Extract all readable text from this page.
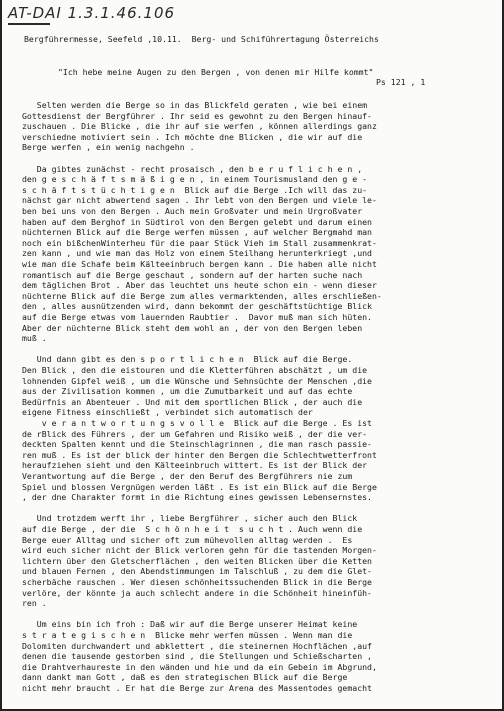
AT-DAI 1.3.1.46.106
Bergführermesse, Seefeld ,10.11.  Berg- und Schiführertagung Österreichs
"Ich hebe meine Augen zu den Bergen , von denen mir Hilfe kommt"
Ps 121 , 1
Selten werden die Berge so in das Blickfeld geraten , wie bei einem
Gottesdienst der Bergführer . Ihr seid es gewohnt zu den Bergen hinauf-
zuschauen . Die Blicke , die ihr auf sie werfen , können allerdings ganz
verschiedne motiviert sein . Ich möchte dne Blicken , die wir auf die
Berge werfen , ein wenig nachgehn .
Da gibtes zunächst - recht prosaisch , den b e r u f l i c h e n ,
den g e s c h ä f t s m ä ß i g e n , in einem Tourismusland den g e -
s c h ä f t s t ü c h t i g e n  Blick auf die Berge .Ich will das zu-
nächst gar nicht abwertend sagen . Ihr lebt von den Bergen und viele le-
ben bei uns von den Bergen . Auch mein Großvater und mein Urgroßvater
haben auf dem Berghof in Südtirol von den Bergen gelebt und darum einen
nüchternen Blick auf die Berge werfen müssen , auf welcher Bergmahd man
noch ein bißchenWinterheu für die paar Stück Vieh im Stall zusammenkrat-
zen kann , und wie man das Holz von einem Steilhang herunterkriegt ,und
wie man die Schafe beim Kälteeinbruch bergen kann . Die haben alle nicht
romantisch auf die Berge geschaut , sondern auf der harten suche nach
dem täglichen Brot . Aber das leuchtet uns heute schon ein - wenn dieser
nüchterne Blick auf die Berge zum alles vermarktenden, alles erschließen-
den , alles ausnützenden wird, dann bekommt der geschäftstüchtige Blick
auf die Berge etwas vom lauernden Raubtier .  Davor muß man sich hüten.
Aber der nüchterne Blick steht dem wohl an , der von den Bergen leben
muß .
Und dann gibt es den s p o r t l i c h e n  Blick auf die Berge.
Den Blick , den die eistouren und die Kletterführen abschätzt , um die
lohnenden Gipfel weiß , um die Wünsche und Sehnsüchte der Menschen ,die
aus der Zivilisation kommen , um die Zumutbarkeit und auf das echte
Bedürfnis an Abenteuer . Und mit dem sportlichen Blick , der auch die
eigene Fitness einschließt , verbindet sich automatisch der
v e r a n t w o r t u n g s v o l l e  Blick auf die Berge . Es ist
de rBlick des Führers , der um Gefahren und Risiko weiß , der die ver-
deckten Spalten kennt und die Steinschlagrinnen , die man rasch passie-
ren muß . Es ist der blick der hinter den Bergen die Schlechtwetterfront
heraufziehen sieht und den Kälteeinbruch wittert. Es ist der Blick der
Verantwortung auf die Berge , der den Beruf des Bergführers nie zum
Spiel und blossen Vergnügen werden läßt . Es ist ein Blick auf die Berge
, der dne Charakter formt in die Richtung eines gewissen Lebensernstes.
Und trotzdem werft ihr , liebe Bergführer , sicher auch den Blick
auf die Berge , der die  S c h ö n h e i t  s u c h t . Auch wenn die
Berge euer Alltag und sicher oft zum mühevollen alltag werden .  Es
wird euch sicher nicht der Blick verloren gehn für die tastenden Morgen-
lichtern über den Gletscherflächen , den weiten Blicken über die Ketten
und blauen Fernen , den Abendstimmungen im Talschluß , zu dem die Glet-
scherbäche rauschen . Wer diesen schönheitssuchenden Blick in die Berge
verlöre, der könnte ja auch schlecht andere in die Schönheit hineinfüh-
ren .
Um eins bin ich froh : Daß wir auf die Berge unserer Heimat keine
s t r a t e g i s c h e n  Blicke mehr werfen müssen . Wenn man die
Dolomiten durchwandert und abklettert , die steinernen Hochflächen ,auf
denen die tausende gestorben sind , die Stellungen und Schießscharten ,
die Drahtverhaureste in den wänden und hie und da ein Gebein im Abgrund,
dann dankt man Gott , daß es den strategischen Blick auf die Berge
nicht mehr braucht . Er hat die Berge zur Arena des Massentodes gemacht
